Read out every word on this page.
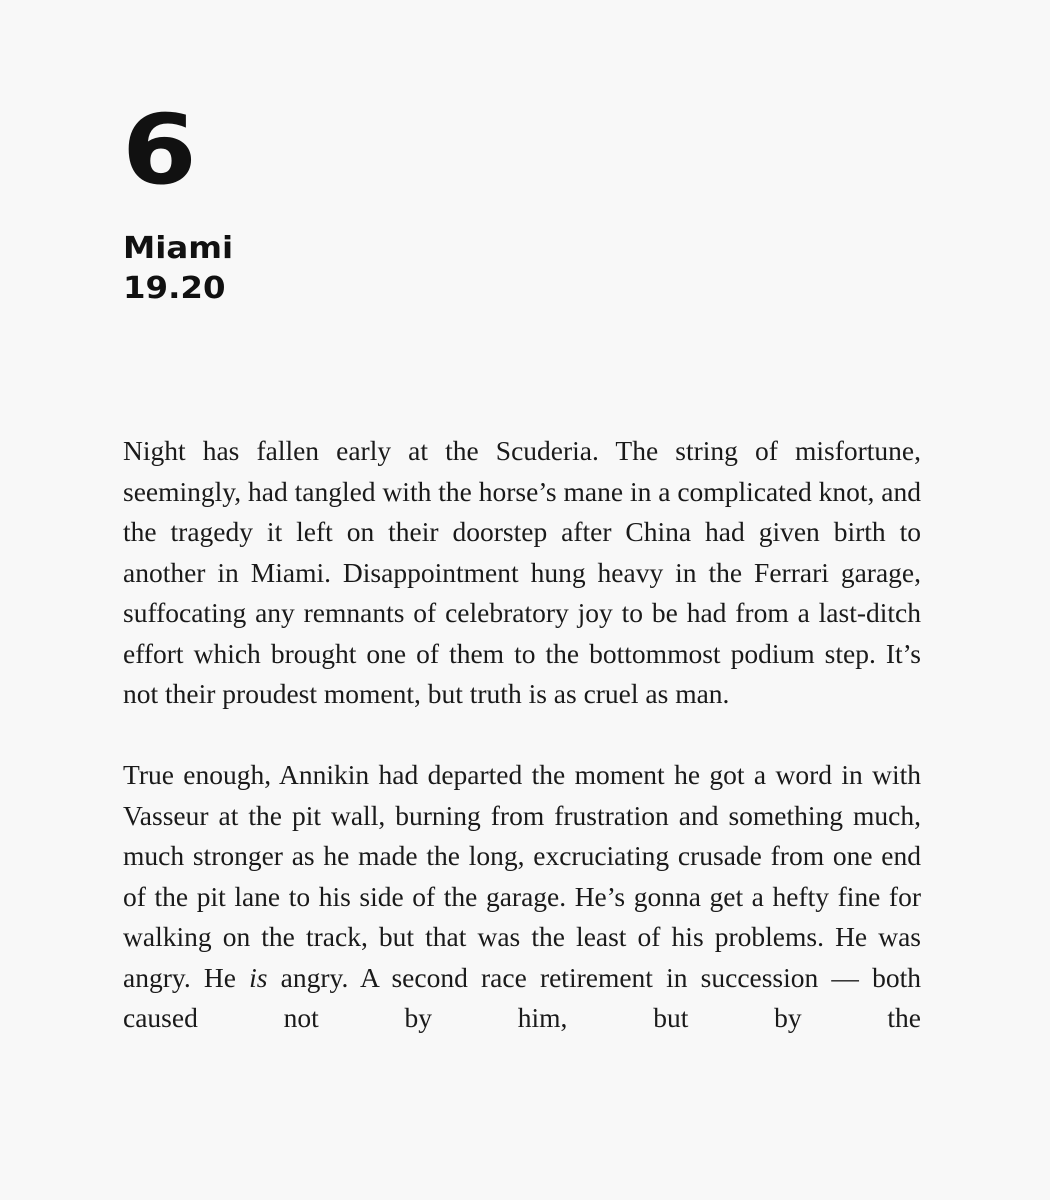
6
Miami
19.20

Night has fallen early at the Scuderia. The string of misfortune, seemingly, had tangled with the horse’s mane in a complicated knot, and the tragedy it left on their doorstep after China had given birth to another in Miami. Disappointment hung heavy in the Ferrari garage, suffocating any remnants of celebratory joy to be had from a last-ditch effort which brought one of them to the bottommost podium step. It’s not their proudest moment, but truth is as cruel as man.

True enough, Annikin had departed the moment he got a word in with Vasseur at the pit wall, burning from frustration and something much, much stronger as he made the long, excruciating crusade from one end of the pit lane to his side of the garage. He’s gonna get a hefty fine for walking on the track, but that was the least of his problems. He was angry. He is angry. A second race retirement in succession — both caused not by him, but by the
